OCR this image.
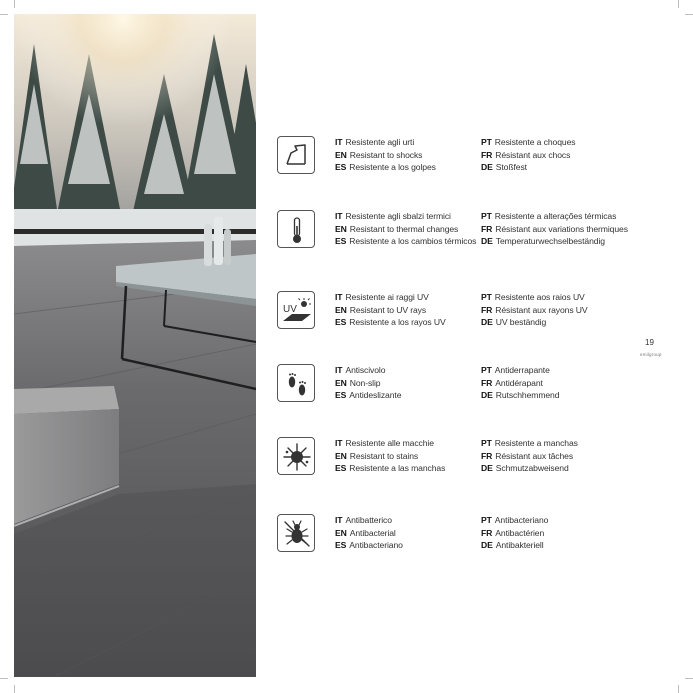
IT Resistente agli urti
EN Resistant to shocks
ES Resistente a los golpes
PT Resistente a choques
FR Résistant aux chocs
DE Stoßfest
IT Resistente agli sbalzi termici
EN Resistant to thermal changes
ES Resistente a los cambios térmicos
PT Resistente a alterações térmicas
FR Résistant aux variations thermiques
DE Temperaturwechselbeständig
UV
IT Resistente ai raggi UV
EN Resistant to UV rays
ES Resistente a los rayos UV
PT Resistente aos raios UV
FR Résistant aux rayons UV
DE UV beständig
IT Antiscivolo
EN Non-slip
ES Antideslizante
PT Antiderrapante
FR Antidérapant
DE Rutschhemmend
IT Resistente alle macchie
EN Resistant to stains
ES Resistente a las manchas
PT Resistente a manchas
FR Résistant aux tâches
DE Schmutzabweisend
IT Antibatterico
EN Antibacterial
ES Antibacteriano
PT Antibacteriano
FR Antibactérien
DE Antibakteriell
19
emilgroup
